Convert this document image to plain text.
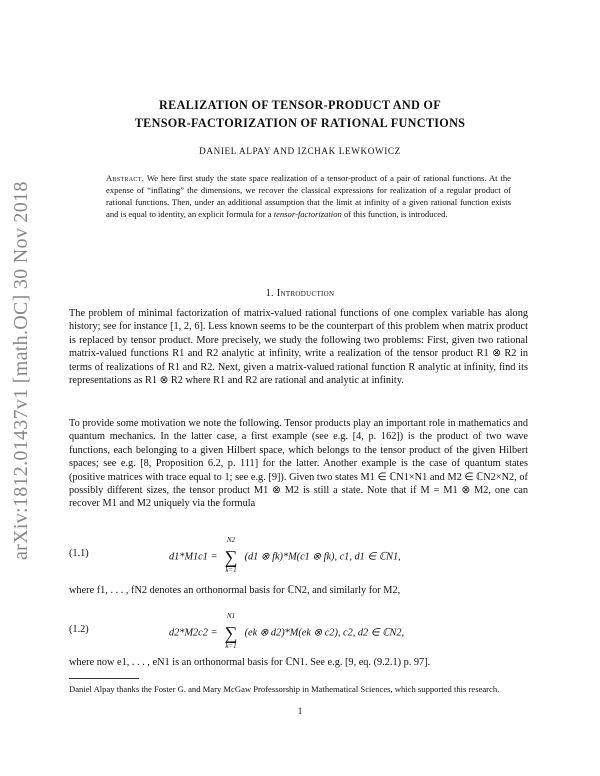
arXiv:1812.01437v1 [math.OC] 30 Nov 2018
REALIZATION OF TENSOR-PRODUCT AND OF
TENSOR-FACTORIZATION OF RATIONAL FUNCTIONS
DANIEL ALPAY AND IZCHAK LEWKOWICZ
Abstract. We here first study the state space realization of a tensor-product of a pair of rational functions. At the expense of “inflating” the dimensions, we recover the classical expressions for realization of a regular product of rational functions. Then, under an additional assumption that the limit at infinity of a given rational function exists and is equal to identity, an explicit formula for a tensor-factorization of this function, is introduced.
1. Introduction
The problem of minimal factorization of matrix-valued rational functions of one complex variable has along history; see for instance [1, 2, 6]. Less known seems to be the counterpart of this problem when matrix product is replaced by tensor product. More precisely, we study the following two problems: First, given two rational matrix-valued functions R1 and R2 analytic at infinity, write a realization of the tensor product R1 ⊗ R2 in terms of realizations of R1 and R2. Next, given a matrix-valued rational function R analytic at infinity, find its representations as R1 ⊗ R2 where R1 and R2 are rational and analytic at infinity.
To provide some motivation we note the following. Tensor products play an important role in mathematics and quantum mechanics. In the latter case, a first example (see e.g. [4, p. 162]) is the product of two wave functions, each belonging to a given Hilbert space, which belongs to the tensor product of the given Hilbert spaces; see e.g. [8, Proposition 6.2, p. 111] for the latter. Another example is the case of quantum states (positive matrices with trace equal to 1; see e.g. [9]). Given two states M1 ∈ ℂN1×N1 and M2 ∈ ℂN2×N2, of possibly different sizes, the tensor product M1 ⊗ M2 is still a state. Note that if M = M1 ⊗ M2, one can recover M1 and M2 uniquely via the formula
(1.1)	d1*M1c1 =
N2
∑
k=1
(d1 ⊗ fk)*M(c1 ⊗ fk), c1, d1 ∈ ℂN1,
where f1, . . . , fN2 denotes an orthonormal basis for ℂN2, and similarly for M2,
(1.2)	d2*M2c2 =
N1
∑
k=1
(ek ⊗ d2)*M(ek ⊗ c2), c2, d2 ∈ ℂN2,
where now e1, . . . , eN1 is an orthonormal basis for ℂN1. See e.g. [9, eq. (9.2.1) p. 97].
Daniel Alpay thanks the Foster G. and Mary McGaw Professorship in Mathematical Sciences, which supported this research.
1
